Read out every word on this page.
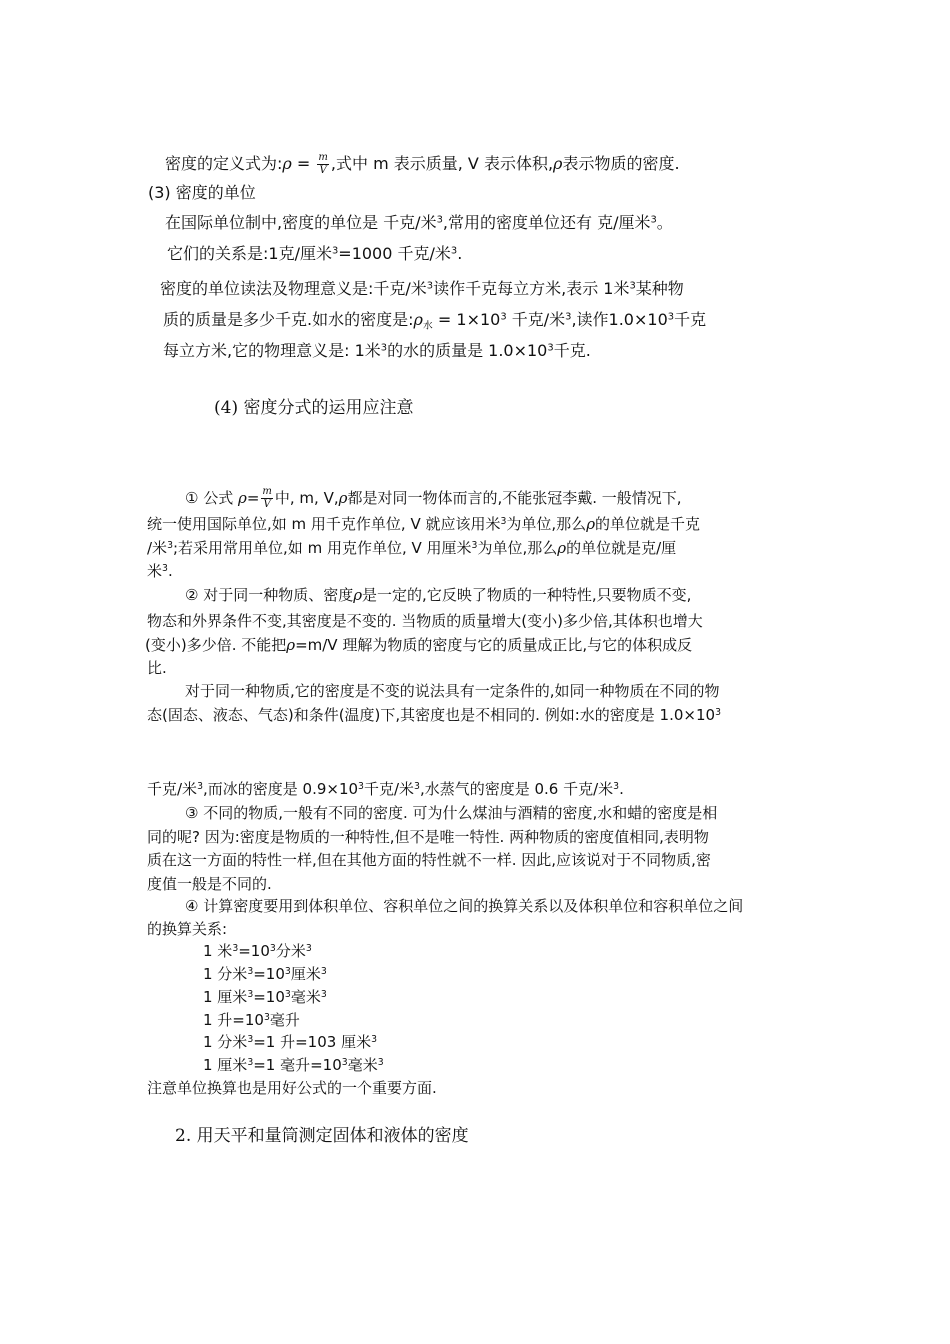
密度的定义式为:ρ = $\frac{m}{V}$ ,式中 m 表示质量, V 表示体积,ρ表示物质的密度.
(3) 密度的单位
在国际单位制中,密度的单位是 千克/米$^3$,常用的密度单位还有 克/厘米$^3$。
它们的关系是:1克/厘米$^3$=1000 千克/米$^3$.
密度的单位读法及物理意义是:千克/米$^3$读作千克每立方米,表示 1米$^3$某种物
质的质量是多少千克.如水的密度是$:\rho_水 = 1\times 10^3$ 千克/米$^3$,读作$1.0\times 10^3$千克
每立方米,它的物理意义是: 1米$^3$的水的质量是 $1.0\times 10^3$千克.
(4) 密度分式的运用应注意
① 公式 $\rho= \frac{m}{V}$ 中, m, V,ρ都是对同一物体而言的,不能张冠李戴. 一般情况下,
统一使用国际单位,如 m 用千克作单位, V 就应该用米$^3$为单位,那么ρ的单位就是千克
/米$^3$;若采用常用单位,如 m 用克作单位, V 用厘米$^3$为单位,那么ρ的单位就是克/厘
米$^3$.
② 对于同一种物质、密度ρ是一定的,它反映了物质的一种特性,只要物质不变,
物态和外界条件不变,其密度是不变的. 当物质的质量增大(变小)多少倍,其体积也增大
(变小)多少倍. 不能把ρ=m/V 理解为物质的密度与它的质量成正比,与它的体积成反
比.
对于同一种物质,它的密度是不变的说法具有一定条件的,如同一种物质在不同的物
态(固态、液态、气态)和条件(温度)下,其密度也是不相同的. 例如:水的密度是 $1.0\times 10^3$
千克/米$^3$,而冰的密度是 $0.9\times 10^3$千克/米$^3$,水蒸气的密度是 0.6 千克/米$^3$.
③ 不同的物质,一般有不同的密度. 可为什么煤油与酒精的密度,水和蜡的密度是相
同的呢? 因为:密度是物质的一种特性,但不是唯一特性. 两种物质的密度值相同,表明物
质在这一方面的特性一样,但在其他方面的特性就不一样. 因此,应该说对于不同物质,密
度值一般是不同的.
④ 计算密度要用到体积单位、容积单位之间的换算关系以及体积单位和容积单位之间
的换算关系:
1 米$^3=10^3$分米$^3$
1 分米$^3=10^3$厘米$^3$
1 厘米$^3=10^3$毫米$^3$
1 升$=10^3$毫升
1 分米$^3$=1 升=103 厘米$^3$
1 厘米$^3$=1 毫升$=10^3$毫米$^3$
注意单位换算也是用好公式的一个重要方面.
2. 用天平和量筒测定固体和液体的密度
